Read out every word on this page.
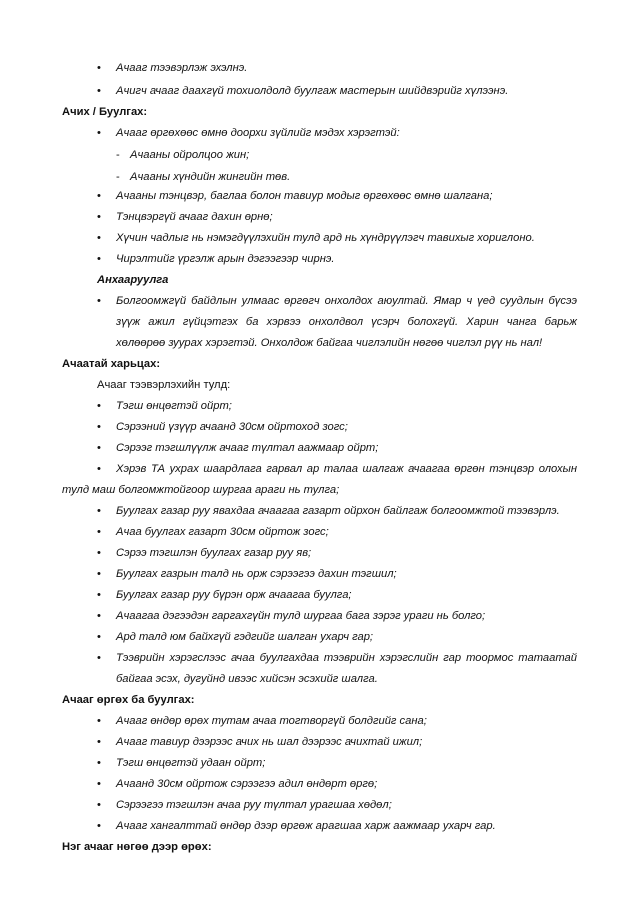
• Ачааг тээвэрлэж эхэлнэ.
• Ачигч ачааг даахгүй тохиолдолд буулгаж мастерын шийдвэрийг хүлээнэ.
Ачих / Буулгах:
• Ачааг өргөхөөс өмнө доорхи зүйлийг мэдэх хэрэгтэй:
- Ачааны ойролцоо жин;
- Ачааны хүндийн жингийн төв.
• Ачааны тэнцвэр, баглаа болон тавиур модыг өргөхөөс өмнө шалгана;
• Тэнцвэргүй ачааг дахин өрнө;
• Хүчин чадлыг нь нэмэгдүүлэхийн тулд ард нь хүндрүүлэгч тавихыг хориглоно.
• Чирэлтийг үргэлж арын дэгээгээр чирнэ.
Анхааруулга
• Болгоомжгүй байдлын улмаас өргөгч онхолдох аюултай. Ямар ч үед суудлын бүсээ
зүүж ажил гүйцэтгэх ба хэрвээ онхолдвол үсэрч болохгүй. Харин чанга барьж
хөлөөрөө зуурах хэрэгтэй. Онхолдож байгаа чиглэлийн нөгөө чиглэл рүү нь нал!
Ачаатай харьцах:
Ачааг тээвэрлэхийн тулд:
• Тэгш өнцөгтэй ойрт;
• Сэрээний үзүүр ачаанд 30см ойртоход зогс;
• Сэрээг тэгшлүүлж ачааг түлтал аажмаар ойрт;
• Хэрэв ТА ухрах шаардлага гарвал ар талаа шалгаж ачаагаа өргөн тэнцвэр олохын
тулд маш болгомжтойгоор шургаа араги нь тулга;
• Буулгах газар руу явахдаа ачаагаа газарт ойрхон байлгаж болгоомжтой тээвэрлэ.
• Ачаа буулгах газарт 30см ойртож зогс;
• Сэрээ тэгшлэн буулгах газар руу яв;
• Буулгах газрын талд нь орж сэрээгээ дахин тэгшил;
• Буулгах газар руу бүрэн орж ачаагаа буулга;
• Ачаагаа дэгээдэн гаргахгүйн тулд шургаа бага зэрэг ураги нь болго;
• Ард талд юм байхгүй гэдгийг шалган ухарч гар;
• Тээврийн хэрэгслээс ачаа буулгахдаа тээврийн хэрэгслийн гар тоормос татаатай
байгаа эсэх, дугуйнд ивээс хийсэн эсэхийг шалга.
Ачааг өргөх ба буулгах:
• Ачааг өндөр өрөх тутам ачаа тогтворгүй болдгийг сана;
• Ачааг тавиур дээрээс ачих нь шал дээрээс ачихтай ижил;
• Тэгш өнцөгтэй удаан ойрт;
• Ачаанд 30см ойртож сэрээгээ адил өндөрт өргө;
• Сэрээгээ тэгшлэн ачаа руу түлтал урагшаа хөдөл;
• Ачааг хангалттай өндөр дээр өргөж арагшаа харж аажмаар ухарч гар.
Нэг ачааг нөгөө дээр өрөх:
